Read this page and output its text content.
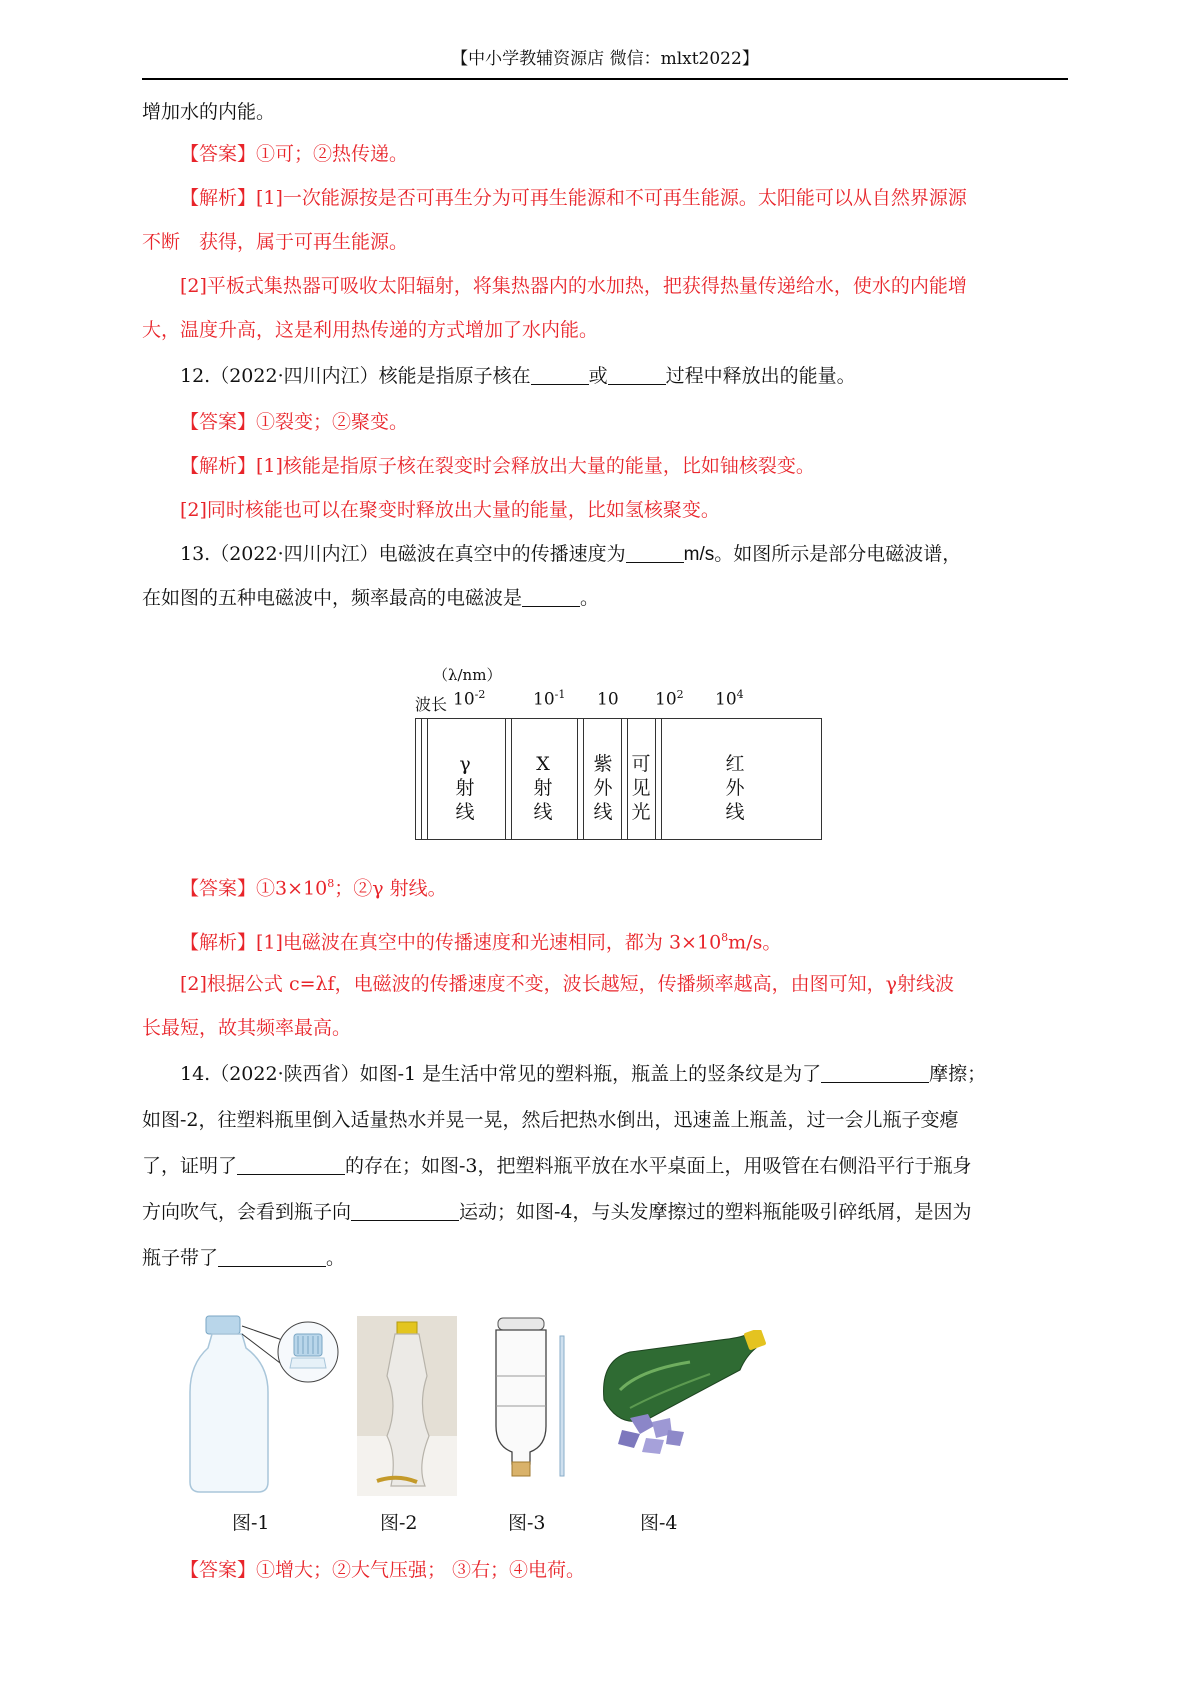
【中小学教辅资源店 微信：mlxt2022】
增加水的内能。
【答案】①可；②热传递。
【解析】[1]一次能源按是否可再生分为可再生能源和不可再生能源。太阳能可以从自然界源源
不断　获得，属于可再生能源。
[2]平板式集热器可吸收太阳辐射，将集热器内的水加热，把获得热量传递给水，使水的内能增
大，温度升高，这是利用热传递的方式增加了水内能。
12.（2022·四川内江）核能是指原子核在	或	过程中释放出的能量。
【答案】①裂变；②聚变。
【解析】[1]核能是指原子核在裂变时会释放出大量的能量，比如铀核裂变。
[2]同时核能也可以在聚变时释放出大量的能量，比如氢核聚变。
13.（2022·四川内江）电磁波在真空中的传播速度为	m/s。如图所示是部分电磁波谱，
在如图的五种电磁波中，频率最高的电磁波是	。
（λ/nm）
波长 $10^{-2}$	$10^{-1}$ 10 $10^2$ $10^4$
γ
射
线
X
射
线
紫
外
线
可
见
光
红
外
线
【答案】$①3\times 10^8$；②γ 射线。
【解析】[1]电磁波在真空中的传播速度和光速相同，都为 $3\times 10^8m/s$。
[2]根据公式 c=λf，电磁波的传播速度不变，波长越短，传播频率越高，由图可知，γ射线波
长最短，故其频率最高。
14.（2022·陕西省）如图-1 是生活中常见的塑料瓶，瓶盖上的竖条纹是为了	摩擦；
如图-2，往塑料瓶里倒入适量热水并晃一晃，然后把热水倒出，迅速盖上瓶盖，过一会儿瓶子变瘪
了，证明了	的存在；如图-3，把塑料瓶平放在水平桌面上，用吸管在右侧沿平行于瓶身
方向吹气，会看到瓶子向	运动；如图-4，与头发摩擦过的塑料瓶能吸引碎纸屑，是因为
瓶子带了	。
图-1	图-2	图-3	图-4
【答案】①增大；②大气压强； ③右；④电荷。
